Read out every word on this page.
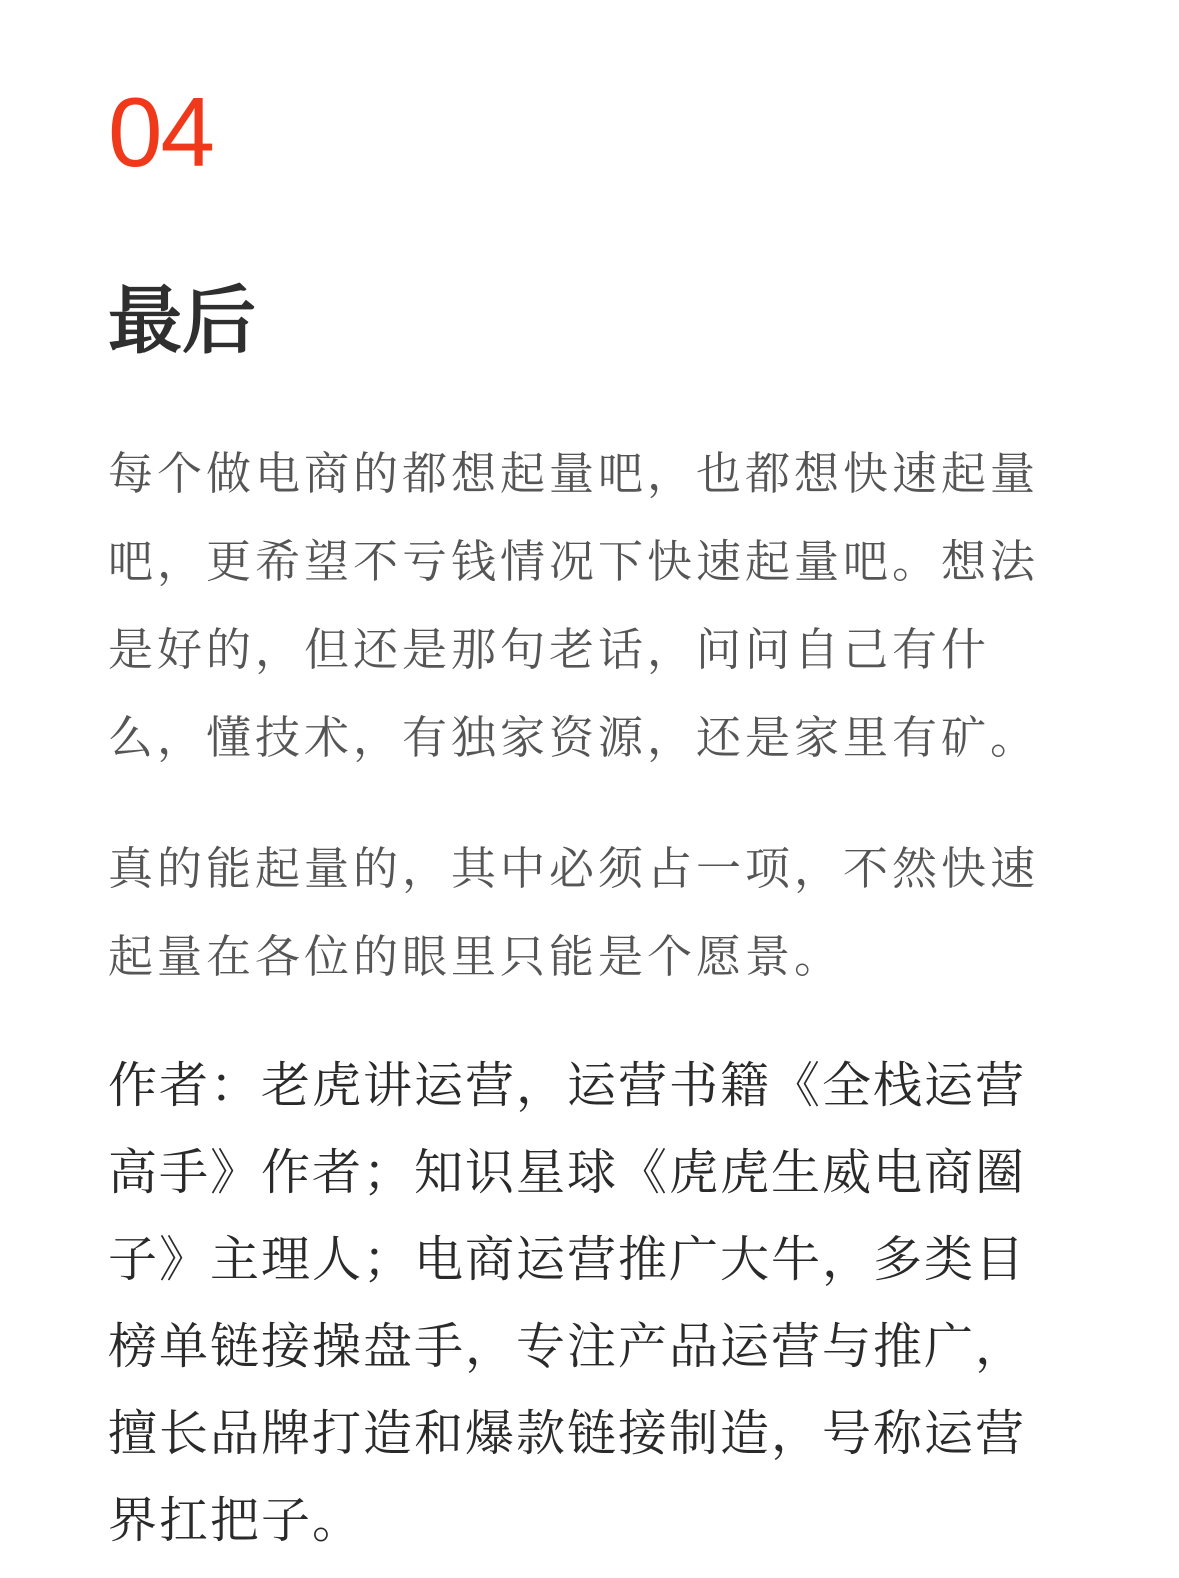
04
最后

每个做电商的都想起量吧，也都想快速起量吧，更希望不亏钱情况下快速起量吧。想法是好的，但还是那句老话，问问自己有什么，懂技术，有独家资源，还是家里有矿。

真的能起量的，其中必须占一项，不然快速起量在各位的眼里只能是个愿景。

作者：老虎讲运营，运营书籍《全栈运营高手》作者；知识星球《虎虎生威电商圈子》主理人；电商运营推广大牛，多类目榜单链接操盘手，专注产品运营与推广，擅长品牌打造和爆款链接制造，号称运营界扛把子。
